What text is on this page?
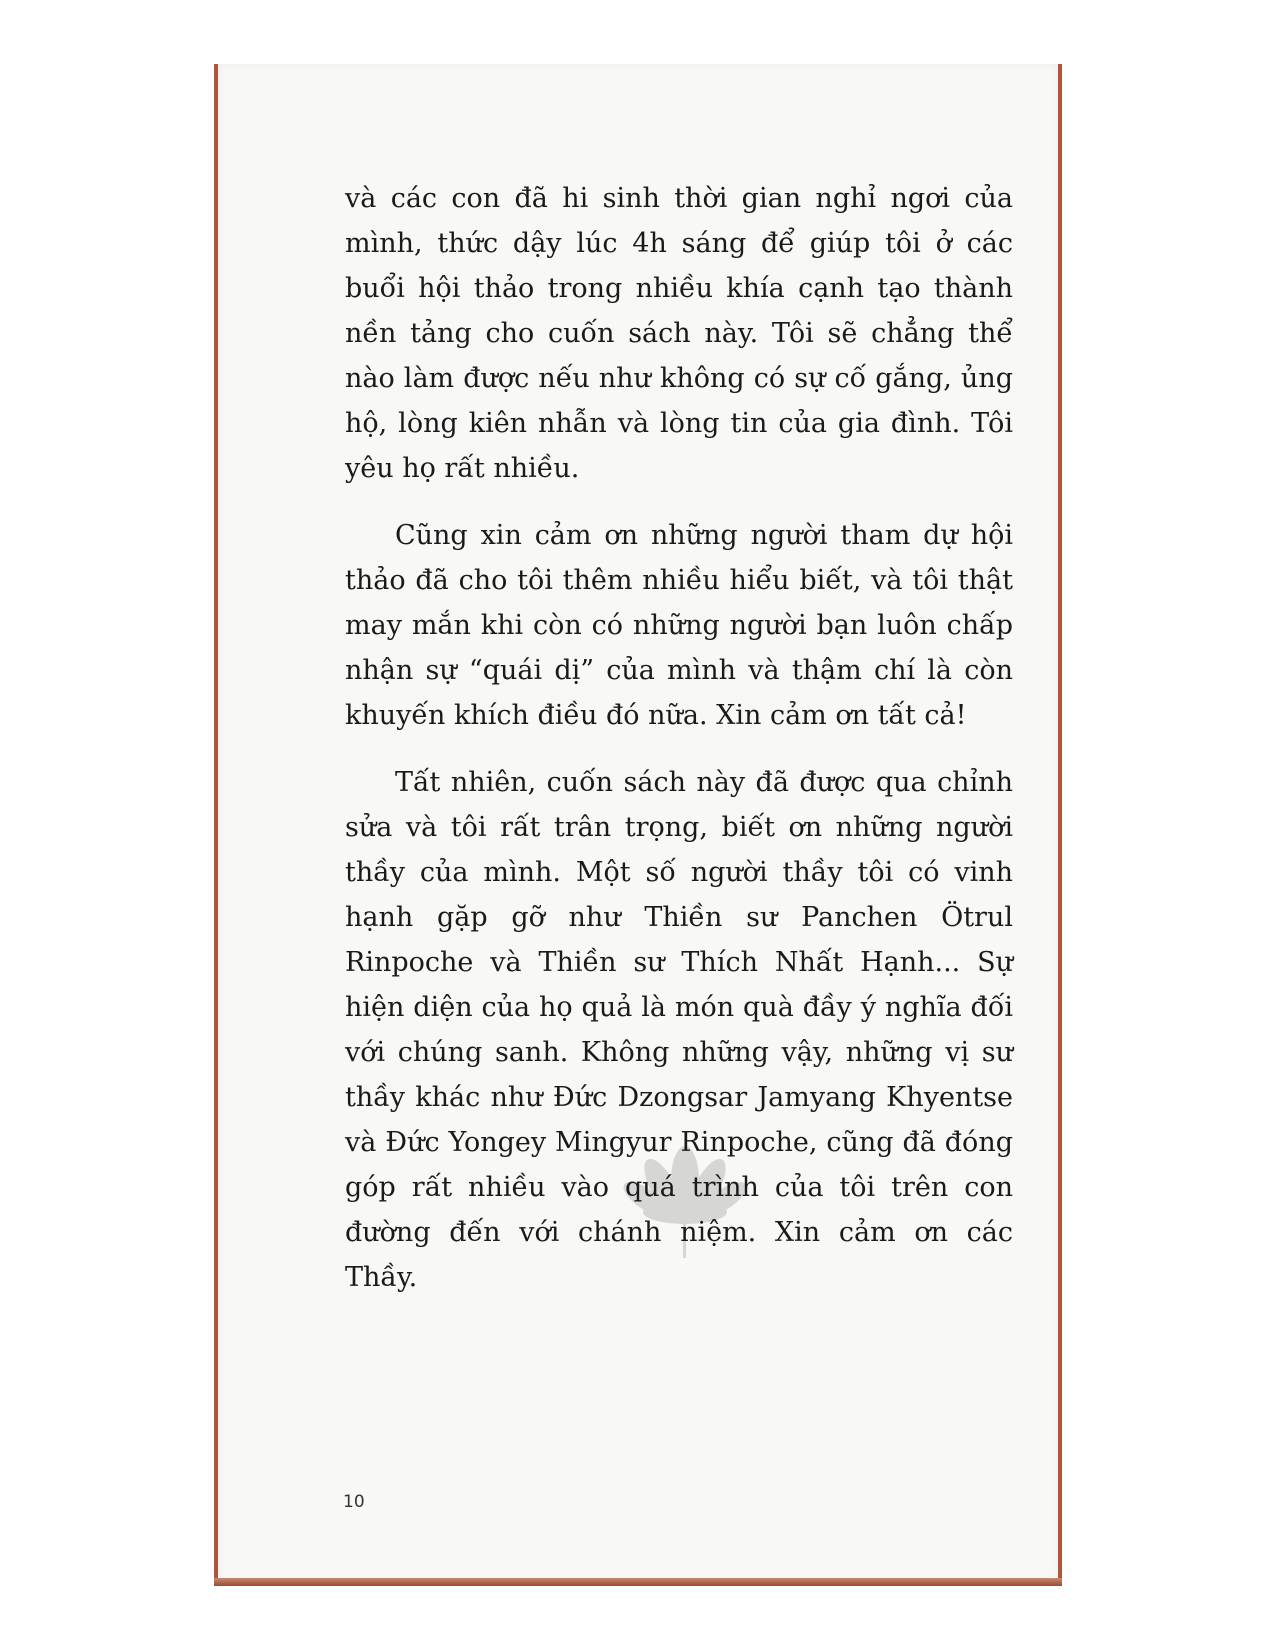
và các con đã hi sinh thời gian nghỉ ngơi của mình, thức dậy lúc 4h sáng để giúp tôi ở các buổi hội thảo trong nhiều khía cạnh tạo thành nền tảng cho cuốn sách này. Tôi sẽ chẳng thể nào làm được nếu như không có sự cố gắng, ủng hộ, lòng kiên nhẫn và lòng tin của gia đình. Tôi yêu họ rất nhiều.

Cũng xin cảm ơn những người tham dự hội thảo đã cho tôi thêm nhiều hiểu biết, và tôi thật may mắn khi còn có những người bạn luôn chấp nhận sự “quái dị” của mình và thậm chí là còn khuyến khích điều đó nữa. Xin cảm ơn tất cả!

Tất nhiên, cuốn sách này đã được qua chỉnh sửa và tôi rất trân trọng, biết ơn những người thầy của mình. Một số người thầy tôi có vinh hạnh gặp gỡ như Thiền sư Panchen Ötrul Rinpoche và Thiền sư Thích Nhất Hạnh... Sự hiện diện của họ quả là món quà đầy ý nghĩa đối với chúng sanh. Không những vậy, những vị sư thầy khác như Đức Dzongsar Jamyang Khyentse và Đức Yongey Mingyur Rinpoche, cũng đã đóng góp rất nhiều vào quá trình của tôi trên con đường đến với chánh niệm. Xin cảm ơn các Thầy.

10
